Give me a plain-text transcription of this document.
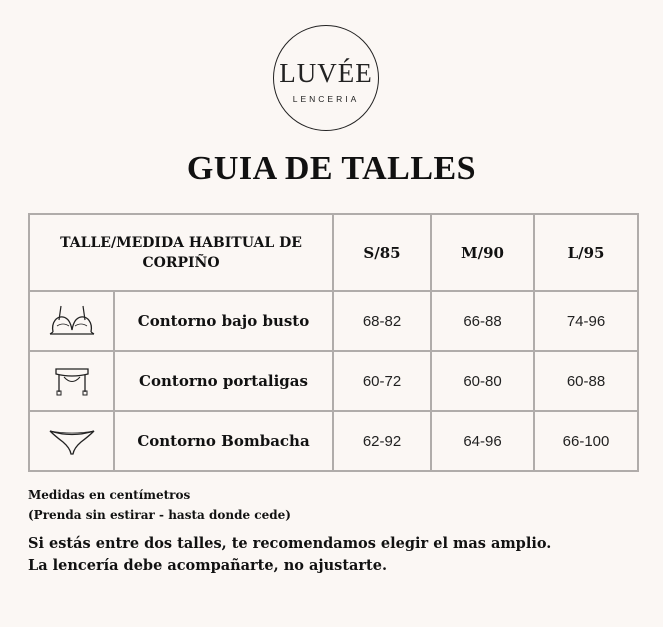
LUVÉE
LENCERIA
GUIA DE TALLES
TALLE/MEDIDA HABITUAL DE CORPIÑO		S/85	M/90	L/95

	Contorno bajo busto	68-82	66-88	74-96

	Contorno portaligas	60-72	60-80	60-88

	Contorno Bombacha	62-92	64-96	66-100
Medidas en centímetros
(Prenda sin estirar - hasta donde cede)
Si estás entre dos talles, te recomendamos elegir el mas amplio.
La lencería debe acompañarte, no ajustarte.
